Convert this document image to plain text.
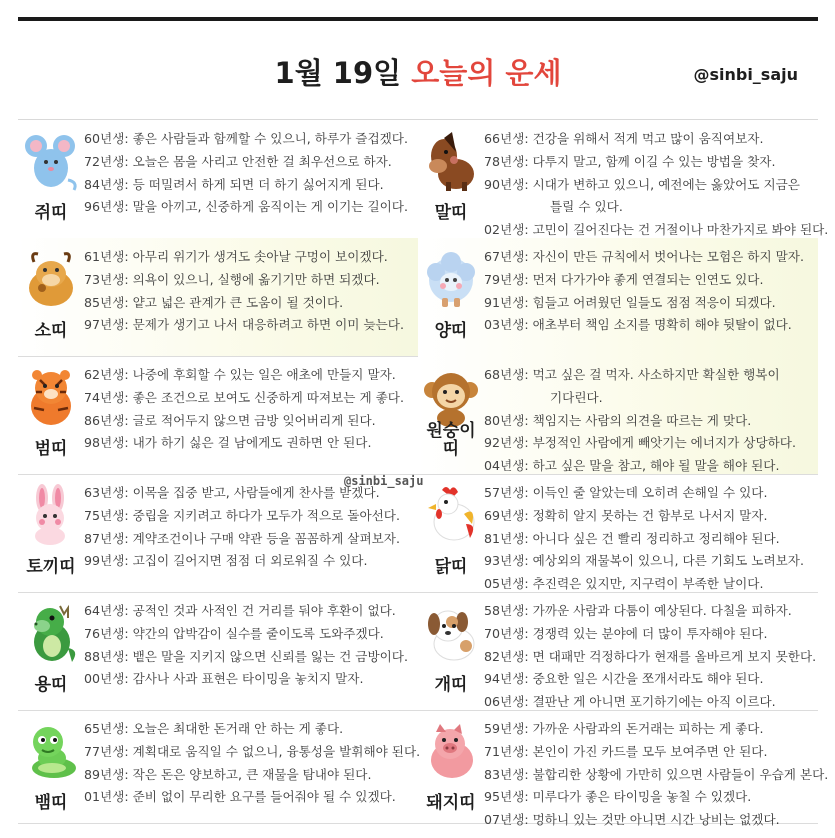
1월 19일 오늘의 운세	@sinbi_saju
쥐띠
60년생: 좋은 사람들과 함께할 수 있으니, 하루가 즐겁겠다.
72년생: 오늘은 몸을 사리고 안전한 걸 최우선으로 하자.
84년생: 등 떠밀려서 하게 되면 더 하기 싫어지게 된다.
96년생: 말을 아끼고, 신중하게 움직이는 게 이기는 길이다.	말띠
66년생: 건강을 위해서 적게 먹고 많이 움직여보자.
78년생: 다투지 말고, 함께 이길 수 있는 방법을 찾자.
90년생: 시대가 변하고 있으니, 예전에는 옳았어도 지금은
틀릴 수 있다.
02년생: 고민이 길어진다는 건 거절이나 마찬가지로 봐야 된다.
소띠
61년생: 아무리 위기가 생겨도 솟아날 구멍이 보이겠다.
73년생: 의욕이 있으니, 실행에 옮기기만 하면 되겠다.
85년생: 얕고 넓은 관계가 큰 도움이 될 것이다.
97년생: 문제가 생기고 나서 대응하려고 하면 이미 늦는다.	양띠
67년생: 자신이 만든 규칙에서 벗어나는 모험은 하지 말자.
79년생: 먼저 다가가야 좋게 연결되는 인연도 있다.
91년생: 힘들고 어려웠던 일들도 점점 적응이 되겠다.
03년생: 애초부터 책임 소지를 명확히 해야 뒷탈이 없다.
범띠
62년생: 나중에 후회할 수 있는 일은 애초에 만들지 말자.
74년생: 좋은 조건으로 보여도 신중하게 따져보는 게 좋다.
86년생: 글로 적어두지 않으면 금방 잊어버리게 된다.
98년생: 내가 하기 싫은 걸 남에게도 권하면 안 된다.
원숭이
띠
68년생: 먹고 싶은 걸 먹자. 사소하지만 확실한 행복이
기다린다.
80년생: 책임지는 사람의 의견을 따르는 게 맞다.
92년생: 부정적인 사람에게 빼앗기는 에너지가 상당하다.
04년생: 하고 싶은 말을 참고, 해야 될 말을 해야 된다.
토끼띠
63년생: 이목을 집중 받고, 사람들에게 찬사를 받겠다.
75년생: 중립을 지키려고 하다가 모두가 적으로 돌아선다.
87년생: 계약조건이나 구매 약관 등을 꼼꼼하게 살펴보자.
99년생: 고집이 길어지면 점점 더 외로워질 수 있다.	닭띠
57년생: 이득인 줄 알았는데 오히려 손해일 수 있다.
69년생: 정확히 알지 못하는 건 함부로 나서지 말자.
81년생: 아니다 싶은 건 빨리 정리하고 정리해야 된다.
93년생: 예상외의 재물복이 있으니, 다른 기회도 노려보자.
05년생: 추진력은 있지만, 지구력이 부족한 날이다.
용띠
64년생: 공적인 것과 사적인 건 거리를 둬야 후환이 없다.
76년생: 약간의 압박감이 실수를 줄이도록 도와주겠다.
88년생: 뱉은 말을 지키지 않으면 신뢰를 잃는 건 금방이다.
00년생: 감사나 사과 표현은 타이밍을 놓치지 말자.	개띠
58년생: 가까운 사람과 다툼이 예상된다. 다칠을 피하자.
70년생: 경쟁력 있는 분야에 더 많이 투자해야 된다.
82년생: 면 대패만 걱정하다가 현재를 올바르게 보지 못한다.
94년생: 중요한 일은 시간을 쪼개서라도 해야 된다.
06년생: 결판난 게 아니면 포기하기에는 아직 이르다.
뱀띠
65년생: 오늘은 최대한 돈거래 안 하는 게 좋다.
77년생: 계획대로 움직일 수 없으니, 융통성을 발휘해야 된다.
89년생: 작은 돈은 양보하고, 큰 재물을 탐내야 된다.
01년생: 준비 없이 무리한 요구를 들어줘야 될 수 있겠다.	돼지띠
59년생: 가까운 사람과의 돈거래는 피하는 게 좋다.
71년생: 본인이 가진 카드를 모두 보여주면 안 된다.
83년생: 불합리한 상황에 가만히 있으면 사람들이 우습게 본다.
95년생: 미루다가 좋은 타이밍을 놓칠 수 있겠다.
07년생: 멍하니 있는 것만 아니면 시간 낭비는 없겠다.
@sinbi_saju
